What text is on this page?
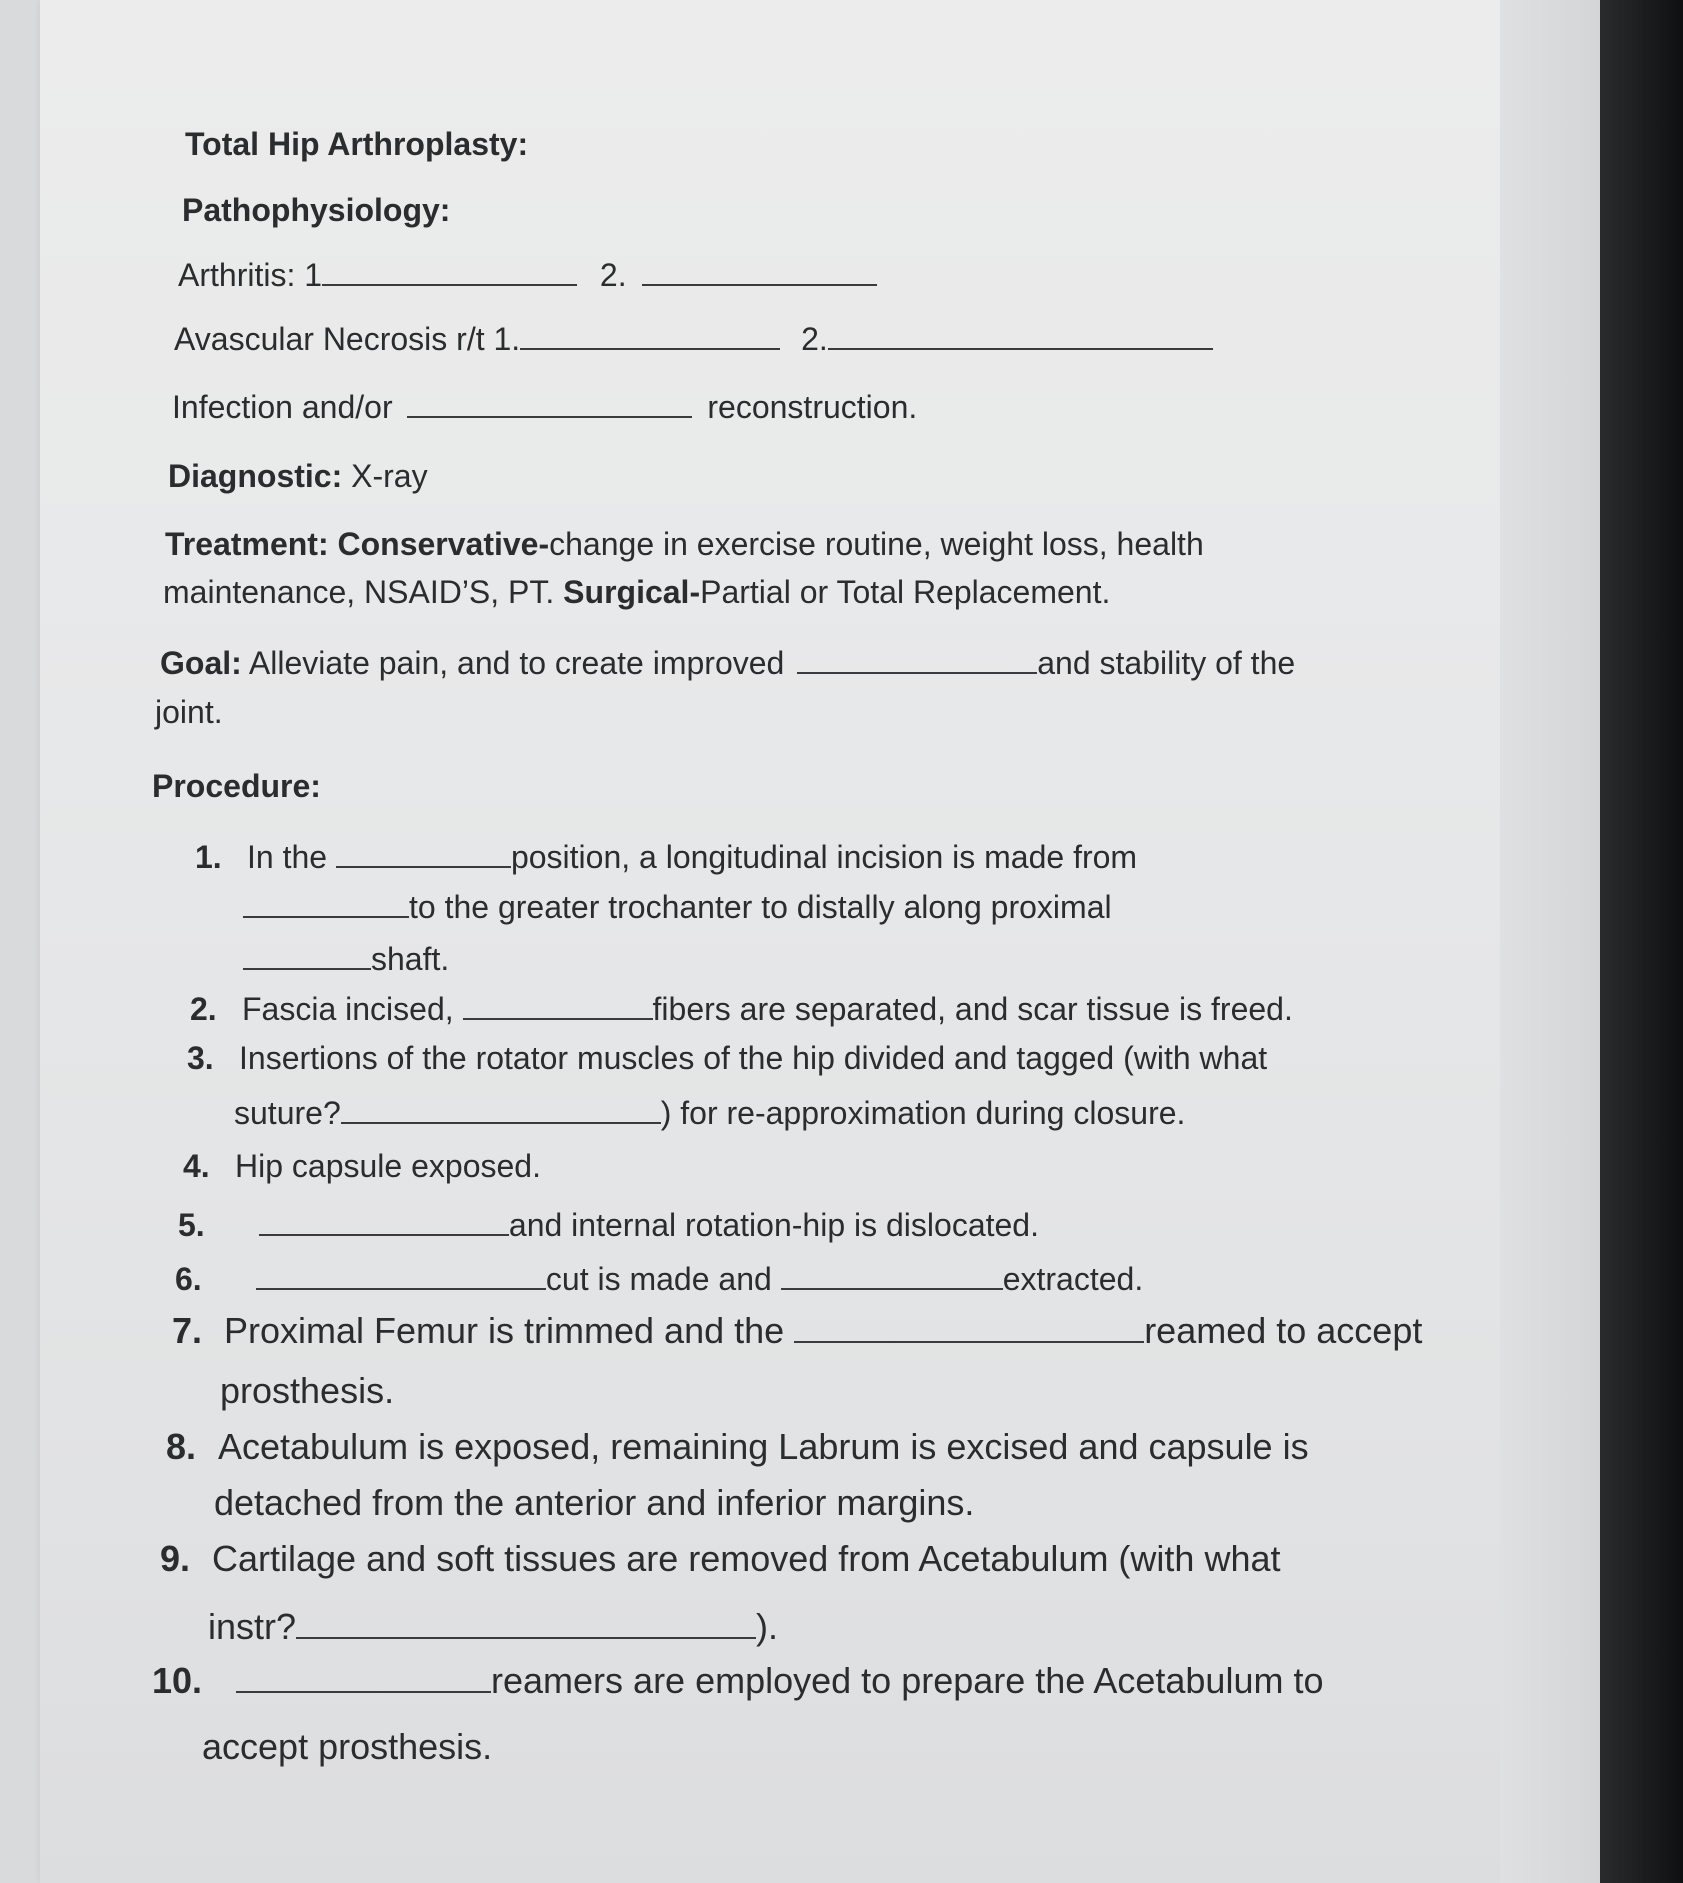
Total Hip Arthroplasty:
Pathophysiology:
Arthritis: 1	2.
Avascular Necrosis r/t 1.	2.
Infection and/or	reconstruction.
Diagnostic: X-ray
Treatment: Conservative-change in exercise routine, weight loss, health
maintenance, NSAID’S, PT. Surgical-Partial or Total Replacement.
Goal: Alleviate pain, and to create improved	and stability of the
joint.
Procedure:
1. In the	position, a longitudinal incision is made from
to the greater trochanter to distally along proximal
shaft.
2. Fascia incised,	fibers are separated, and scar tissue is freed.
3. Insertions of the rotator muscles of the hip divided and tagged (with what
suture?	) for re-approximation during closure.
4. Hip capsule exposed.
5.	and internal rotation-hip is dislocated.
6.	cut is made and	extracted.
7. Proximal Femur is trimmed and the	reamed to accept
prosthesis.
8. Acetabulum is exposed, remaining Labrum is excised and capsule is
detached from the anterior and inferior margins.
9. Cartilage and soft tissues are removed from Acetabulum (with what
instr?	).
10.	reamers are employed to prepare the Acetabulum to
accept prosthesis.
